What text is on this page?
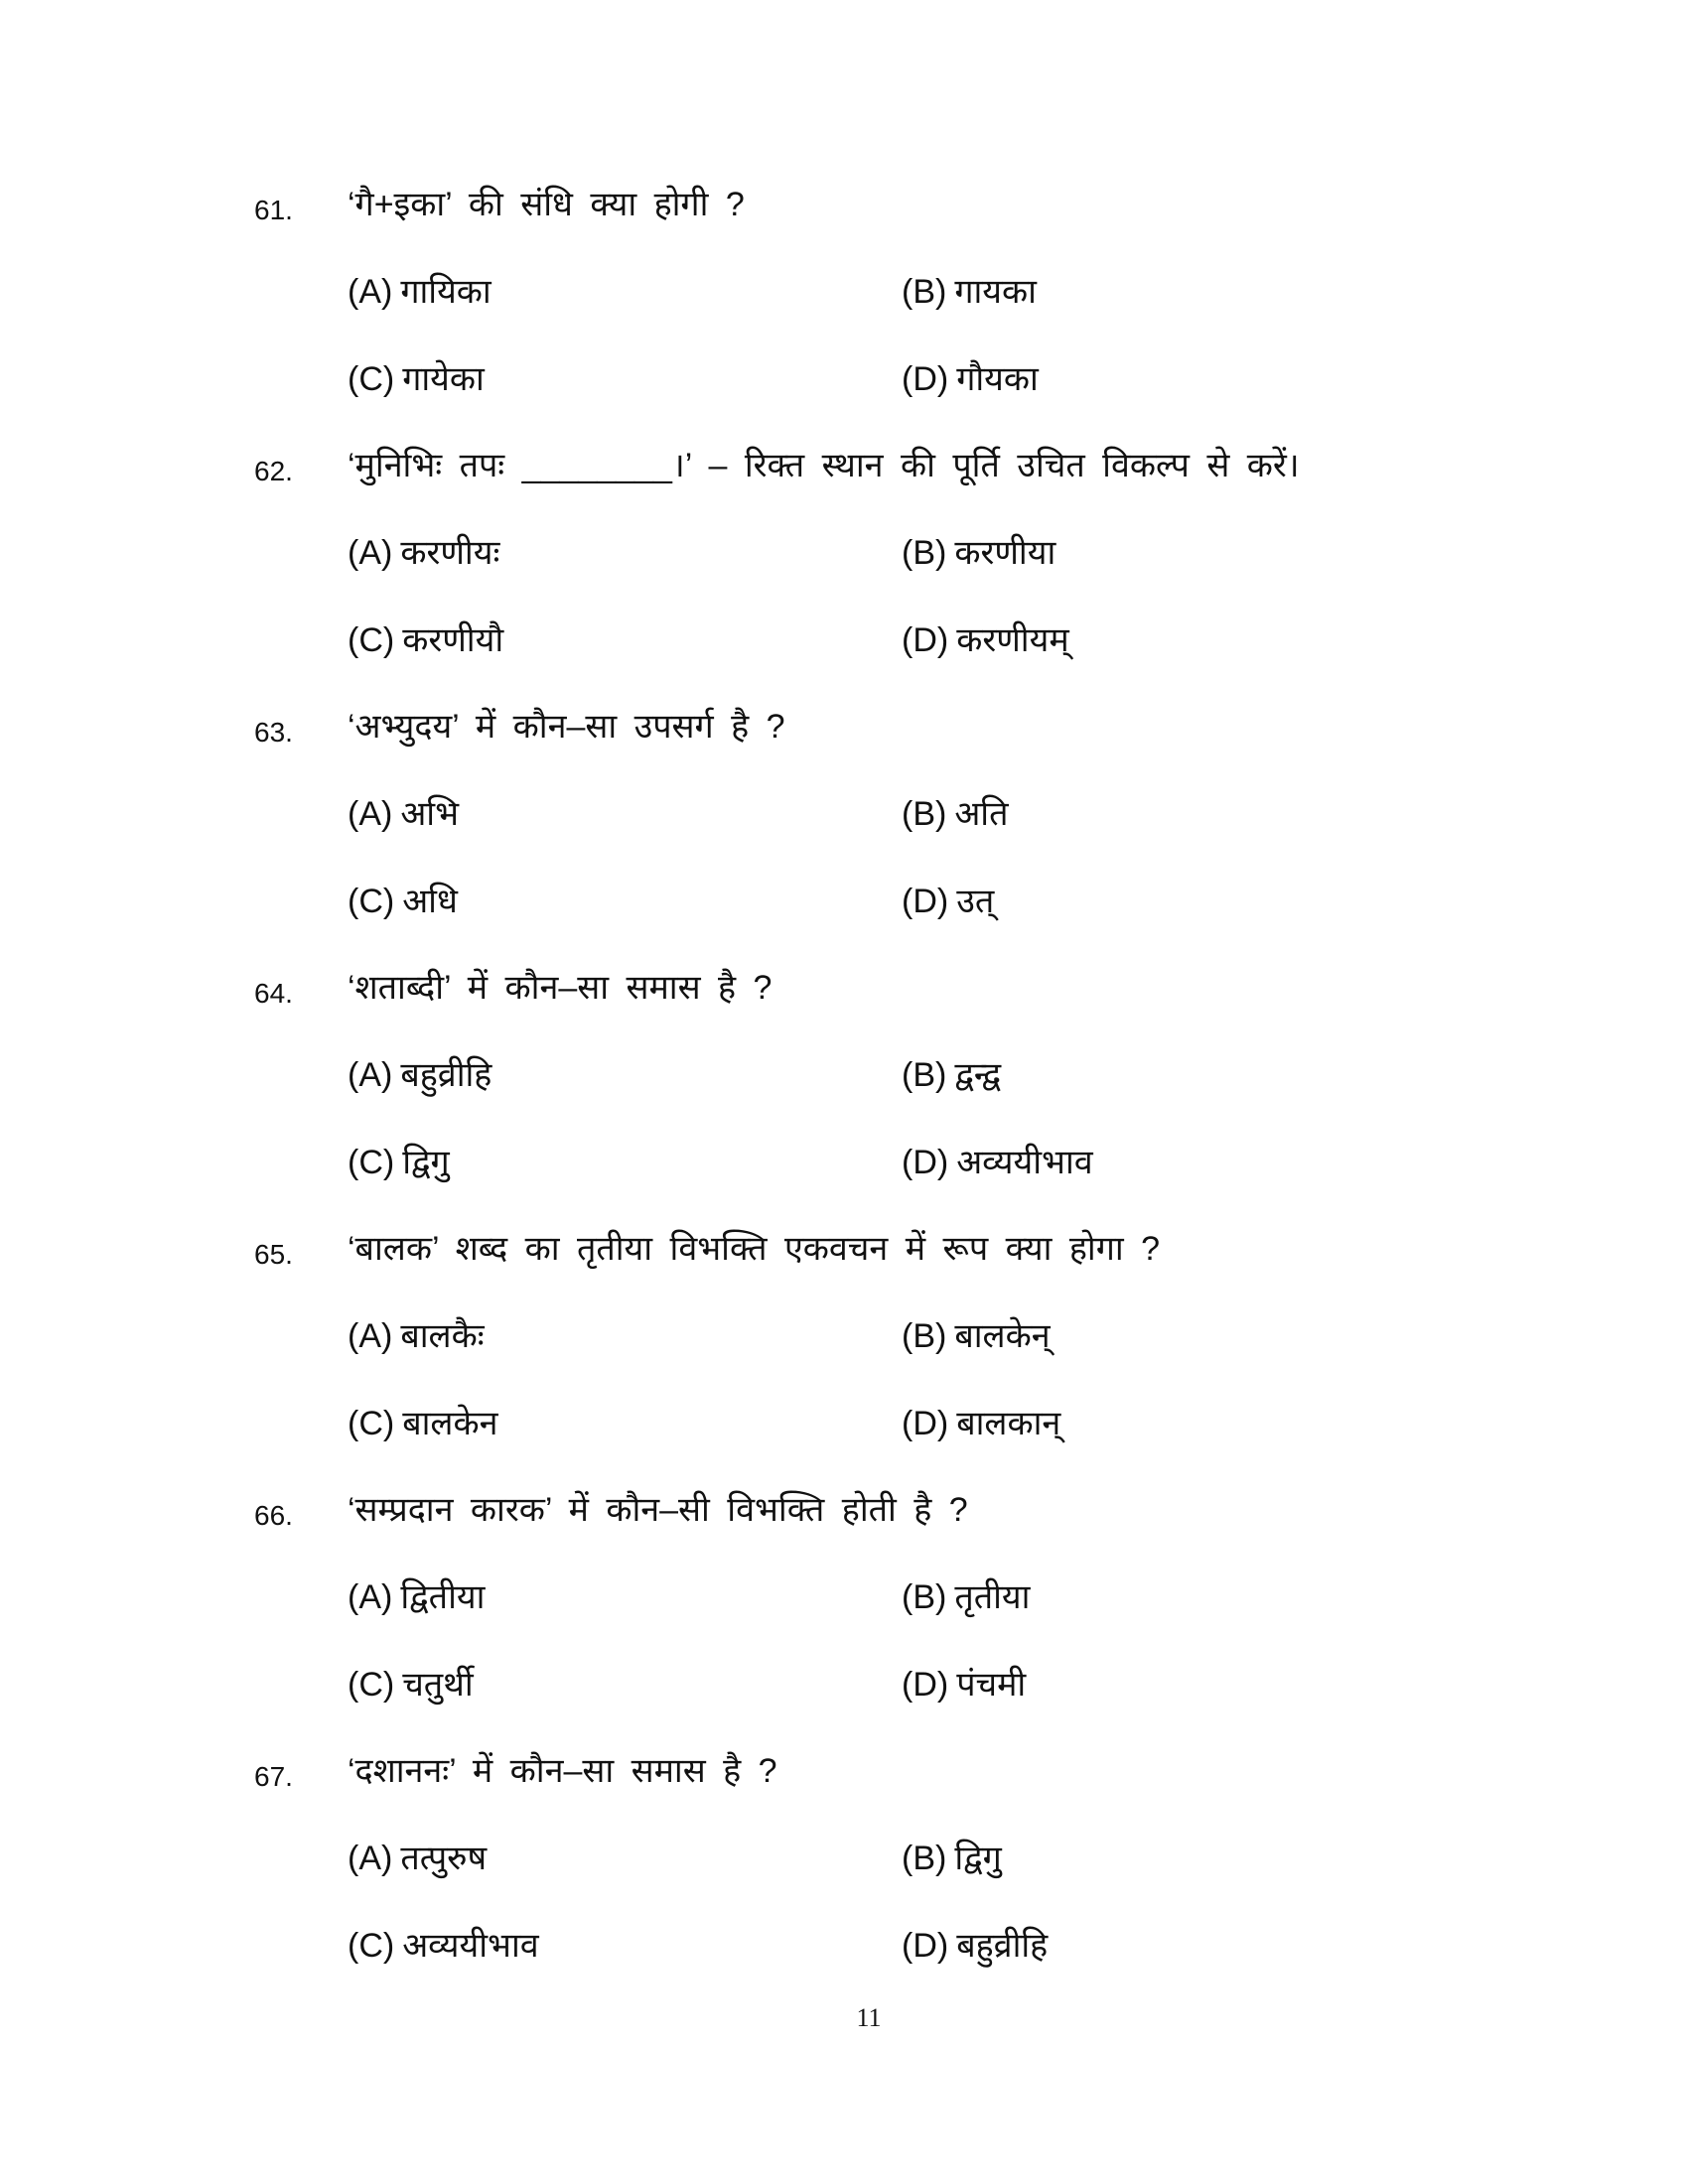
61. ‘गै+इका’ की संधि क्या होगी ?
(A) गायिका	(B) गायका
(C) गायेका	(D) गौयका
62. ‘मुनिभिः तपः ________।’ – रिक्त स्थान की पूर्ति उचित विकल्प से करें।
(A) करणीयः	(B) करणीया
(C) करणीयौ	(D) करणीयम्
63. ‘अभ्युदय’ में कौन–सा उपसर्ग है ?
(A) अभि	(B) अति
(C) अधि	(D) उत्
64. ‘शताब्दी’ में कौन–सा समास है ?
(A) बहुव्रीहि	(B) द्वन्द्व
(C) द्विगु	(D) अव्ययीभाव
65. ‘बालक’ शब्द का तृतीया विभक्ति एकवचन में रूप क्या होगा ?
(A) बालकैः	(B) बालकेन्
(C) बालकेन	(D) बालकान्
66. ‘सम्प्रदान कारक’ में कौन–सी विभक्ति होती है ?
(A) द्वितीया	(B) तृतीया
(C) चतुर्थी	(D) पंचमी
67. ‘दशाननः’ में कौन–सा समास है ?
(A) तत्पुरुष	(B) द्विगु
(C) अव्ययीभाव	(D) बहुव्रीहि
11
